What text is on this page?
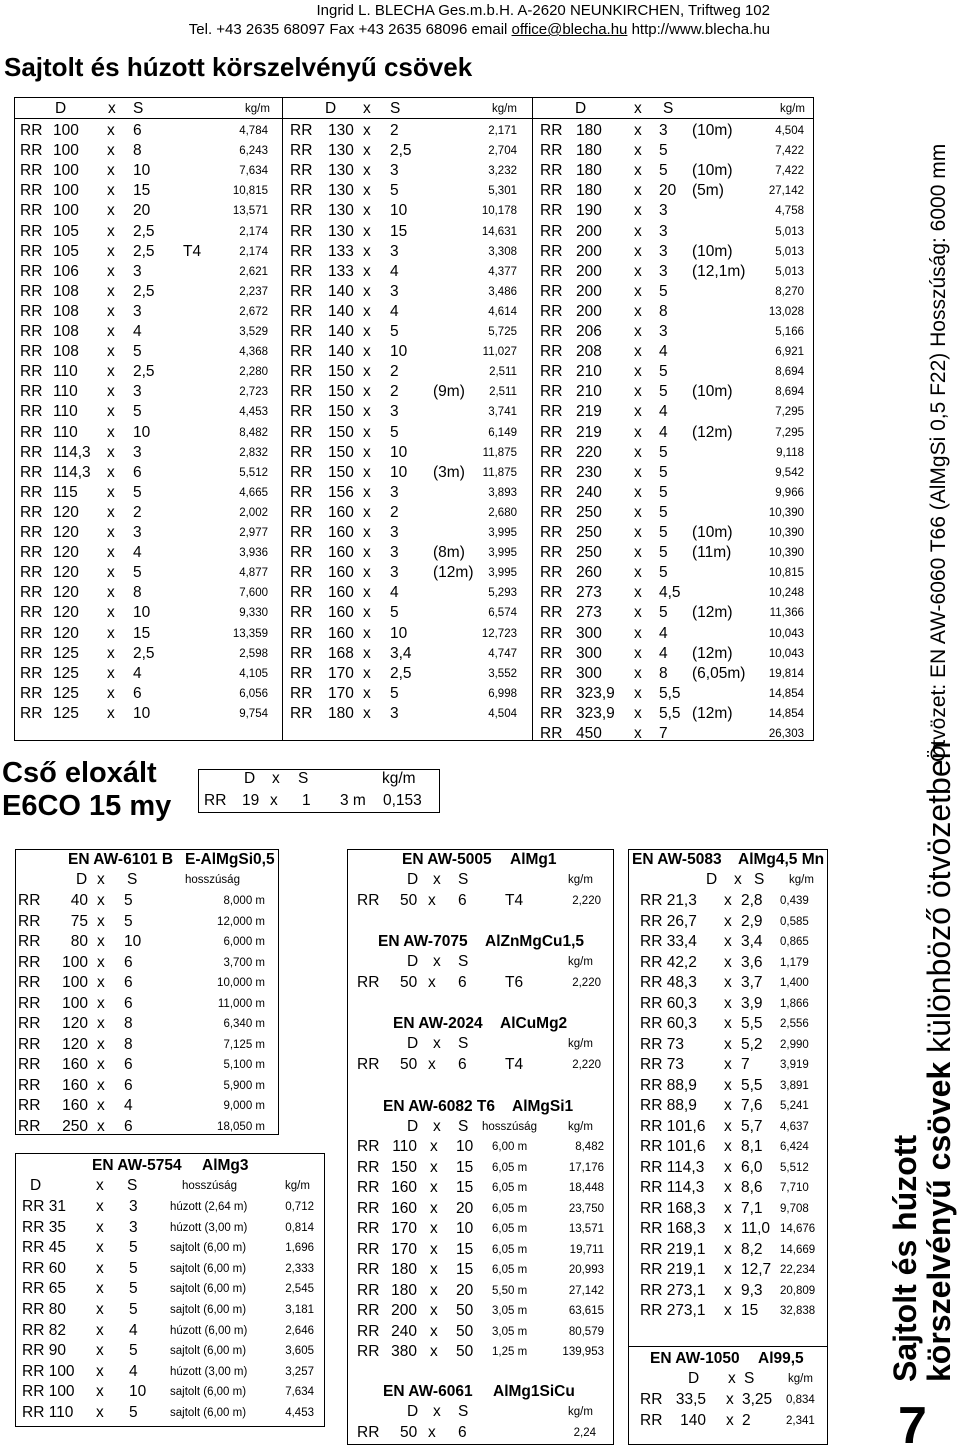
Ingrid L. BLECHA Ges.m.b.H. A-2620 NEUNKIRCHEN, Triftweg 102
Tel. +43 2635 68097 Fax +43 2635 68096 email office@blecha.hu http://www.blecha.hu
Sajtolt és húzott körszelvényű csövek
D	x S	kg/m	D x S	kg/m	D	x S	kg/m
RR 100 x 6	4,784
RR 100 x 8	6,243
RR 100 x 10	7,634
RR 100 x 15	10,815
RR 100 x 20	13,571
RR 105 x 2,5	2,174
RR 105 x 2,5 T4	2,174
RR 106 x 3	2,621
RR 108 x 2,5	2,237
RR 108 x 3	2,672
RR 108 x 4	3,529
RR 108 x 5	4,368
RR 110 x 2,5	2,280
RR 110 x 3	2,723
RR 110 x 5	4,453
RR 110 x 10	8,482
RR 114,3 x 3	2,832
RR 114,3 x 6	5,512
RR 115 x 5	4,665
RR 120 x 2	2,002
RR 120 x 3	2,977
RR 120 x 4	3,936
RR 120 x 5	4,877
RR 120 x 8	7,600
RR 120 x 10	9,330
RR 120 x 15	13,359
RR 125 x 2,5	2,598
RR 125 x 4	4,105
RR 125 x 6	6,056
RR 125 x 10	9,754
RR 130 x 2	2,171
RR 130 x 2,5	2,704
RR 130 x 3	3,232
RR 130 x 5	5,301
RR 130 x 10	10,178
RR 130 x 15	14,631
RR 133 x 3	3,308
RR 133 x 4	4,377
RR 140 x 3	3,486
RR 140 x 4	4,614
RR 140 x 5	5,725
RR 140 x 10	11,027
RR 150 x 2	2,511
RR 150 x 2 (9m)	2,511
RR 150 x 3	3,741
RR 150 x 5	6,149
RR 150 x 10	11,875
RR 150 x 10 (3m)	11,875
RR 156 x 3	3,893
RR 160 x 2	2,680
RR 160 x 3	3,995
RR 160 x 3 (8m)	3,995
RR 160 x 3 (12m)	3,995
RR 160 x 4	5,293
RR 160 x 5	6,574
RR 160 x 10	12,723
RR 168 x 3,4	4,747
RR 170 x 2,5	3,552
RR 170 x 5	6,998
RR 180 x 3	4,504
RR 180 x 3 (10m)	4,504
RR 180 x 5	7,422
RR 180 x 5 (10m)	7,422
RR 180 x 20 (5m)	27,142
RR 190 x 3	4,758
RR 200 x 3	5,013
RR 200 x 3 (10m)	5,013
RR 200 x 3 (12,1m)	5,013
RR 200 x 5	8,270
RR 200 x 8	13,028
RR 206 x 3	5,166
RR 208 x 4	6,921
RR 210 x 5	8,694
RR 210 x 5 (10m)	8,694
RR 219 x 4	7,295
RR 219 x 4 (12m)	7,295
RR 220 x 5	9,118
RR 230 x 5	9,542
RR 240 x 5	9,966
RR 250 x 5	10,390
RR 250 x 5 (10m)	10,390
RR 250 x 5 (11m)	10,390
RR 260 x 5	10,815
RR 273 x 4,5	10,248
RR 273 x 5 (12m)	11,366
RR 300 x 4	10,043
RR 300 x 4 (12m)	10,043
RR 300 x 8 (6,05m)	19,814
RR 323,9 x 5,5	14,854
RR 323,9 x 5,5 (12m)	14,854
RR 450 x 7	26,303	Ötvözet: EN AW-6060 T66 (AlMgSi 0,5 F22) Hosszúság: 6000 mm
Cső eloxált
E6CO 15 my
D x S	kg/m
RR 19 x 1 3 m 0,153
EN AW-6101 B E-AlMgSi0,5
D x S	hosszúság
RR	40 x 5	8,000 m
RR	75 x 5	12,000 m
RR	80 x 10	6,000 m
RR	100 x 6	3,700 m
RR	100 x 6	10,000 m
RR	100 x 6	11,000 m
RR	120 x 8	6,340 m
RR	120 x 8	7,125 m
RR	160 x 6	5,100 m
RR	160 x 6	5,900 m
RR	160 x 4	9,000 m
RR	250 x 6	18,050 m
EN AW-5754 AlMg3
D	x S	hosszúság	kg/m
RR 31 x 3	húzott (2,64 m)	0,712
RR 35 x 3	húzott (3,00 m)	0,814
RR 45 x 5	sajtolt (6,00 m)	1,696
RR 60 x 5	sajtolt (6,00 m)	2,333
RR 65 x 5	sajtolt (6,00 m)	2,545
RR 80 x 5	sajtolt (6,00 m)	3,181
RR 82 x 4	húzott (6,00 m)	2,646
RR 90 x 5	sajtolt (6,00 m)	3,605
RR 100 x 4	húzott (3,00 m)	3,257
RR 100 x 10 sajtolt (6,00 m)	7,634
RR 110 x 5	sajtolt (6,00 m)	4,453
EN AW-5005 AlMg1
D x S	kg/m
RR 50 x 6 T4	2,220
EN AW-7075 AlZnMgCu1,5
D x S	kg/m
RR 50 x 6 T6	2,220
EN AW-2024 AlCuMg2
D x S	kg/m
RR 50 x 6 T4	2,220
EN AW-6082 T6 AlMgSi1
D x S hosszúság	kg/m
RR 110 x 10 6,00 m	8,482
RR 150 x 15 6,05 m	17,176
RR 160 x 15 6,05 m	18,448
RR 160 x 20 6,05 m	23,750
RR 170 x 10 6,05 m	13,571
RR 170 x 15 6,05 m	19,711
RR 180 x 15 6,05 m	20,993
RR 180 x 20 5,50 m	27,142
RR 200 x 50 3,05 m	63,615
RR 240 x 50 3,05 m	80,579
RR 380 x 50 1,25 m	139,953
EN AW-6061 AlMg1SiCu
D x S	kg/m
RR 50 x 6	2,24
EN AW-5083 AlMg4,5 Mn
D x S kg/m
RR 21,3 x 2,8 0,439
RR 26,7 x 2,9 0,585
RR 33,4 x 3,4 0,865
RR 42,2 x 3,6 1,179
RR 48,3 x 3,7 1,400
RR 60,3 x 3,9 1,866
RR 60,3 x 5,5 2,556
RR 73	x 5,2 2,990
RR 73	x 7	3,919
RR 88,9 x 5,5 3,891
RR 88,9 x 7,6 5,241
RR 101,6 x 5,7 4,637
RR 101,6 x 8,1 6,424
RR 114,3 x 6,0 5,512
RR 114,3 x 8,6 7,710
RR 168,3 x 7,1 9,708
RR 168,3 x 11,0 14,676
RR 219,1 x 8,2 14,669
RR 219,1 x 12,7 22,234
RR 273,1 x 9,3 20,809
RR 273,1 x 15 32,838
EN AW-1050 Al99,5
D x S	kg/m
RR 33,5 x 3,25 0,834
RR	140 x 2	2,341 7
Sajtolt és húzott
körszelvényű csövek különböző ötvözetben
